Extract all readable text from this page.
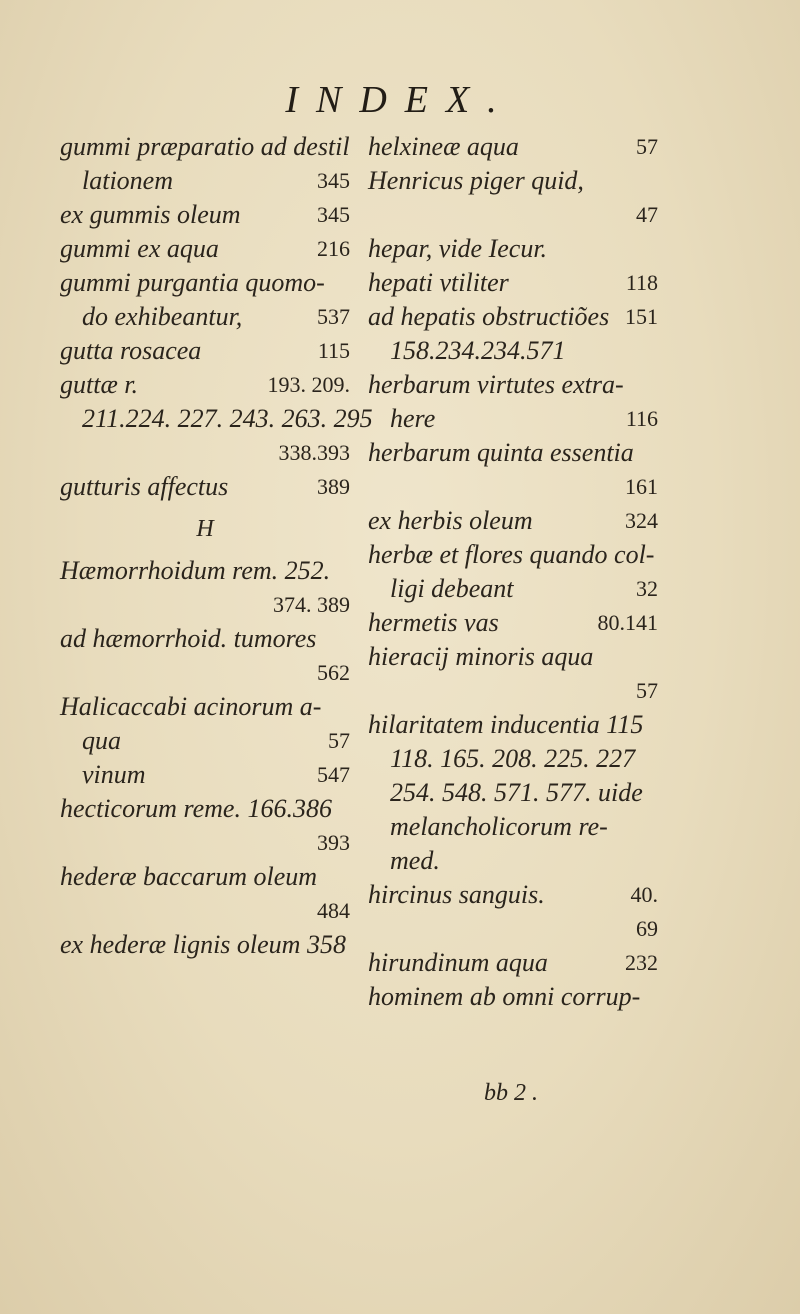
INDEX.
gummi præparatio ad destil
lationem	345
ex gummis oleum	345
gummi ex aqua	216
gummi purgantia quomo-
do exhibeantur,	537
gutta rosacea	115
guttæ r.	193. 209.
211.224. 227. 243. 263. 295
338.393
gutturis affectus	389
H
Hæmorrhoidum rem. 252.
374. 389
ad hæmorrhoid. tumores
562
Halicaccabi acinorum a-
qua	57
vinum	547
hecticorum reme. 166.386
393
hederæ baccarum oleum
484
ex hederæ lignis oleum 358
helxineæ aqua	57
Henricus piger quid,
47
hepar, vide Iecur.
hepati vtiliter	118
ad hepatis obstructiões 151
158.234.234.571
herbarum virtutes extra-
here	116
herbarum quinta essentia
161
ex herbis oleum	324
herbæ et flores quando col-
ligi debeant	32
hermetis vas	80.141
hieracij minoris aqua
57
hilaritatem inducentia 115
118. 165. 208. 225. 227
254. 548. 571. 577. uide
melancholicorum re-
med.
hircinus sanguis.	40.
69
hirundinum aqua	232
hominem ab omni corrup-
bb 2 .
